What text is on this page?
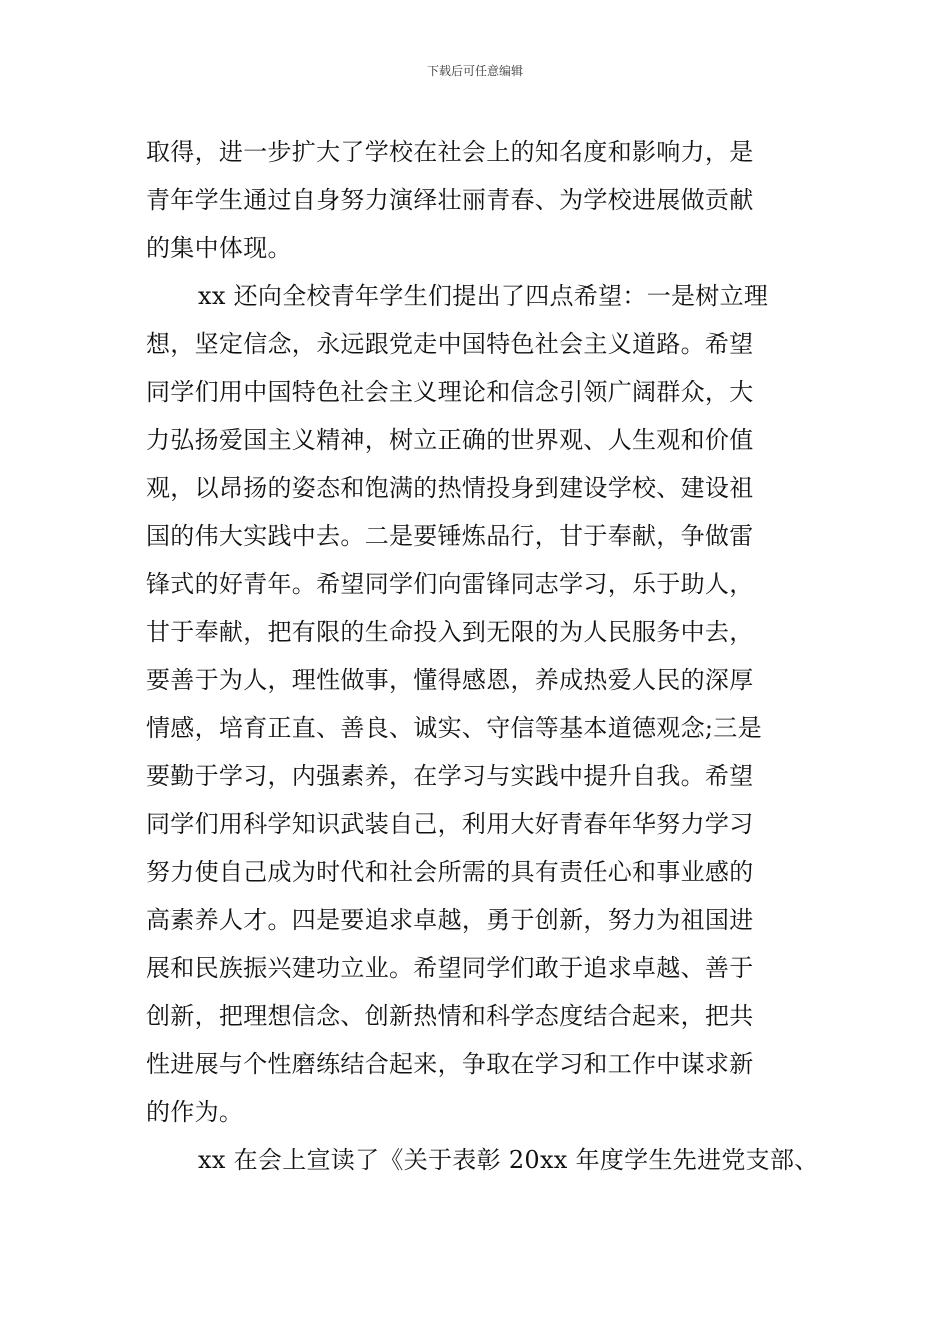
下载后可任意编辑
取得，进一步扩大了学校在社会上的知名度和影响力，是
青年学生通过自身努力演绎壮丽青春、为学校进展做贡献
的集中体现。
xx 还向全校青年学生们提出了四点希望：一是树立理
想，坚定信念，永远跟党走中国特色社会主义道路。希望
同学们用中国特色社会主义理论和信念引领广阔群众，大
力弘扬爱国主义精神，树立正确的世界观、人生观和价值
观，以昂扬的姿态和饱满的热情投身到建设学校、建设祖
国的伟大实践中去。二是要锤炼品行，甘于奉献，争做雷
锋式的好青年。希望同学们向雷锋同志学习，乐于助人，
甘于奉献，把有限的生命投入到无限的为人民服务中去，
要善于为人，理性做事，懂得感恩，养成热爱人民的深厚
情感，培育正直、善良、诚实、守信等基本道德观念;三是
要勤于学习，内强素养，在学习与实践中提升自我。希望
同学们用科学知识武装自己，利用大好青春年华努力学习
努力使自己成为时代和社会所需的具有责任心和事业感的
高素养人才。四是要追求卓越，勇于创新，努力为祖国进
展和民族振兴建功立业。希望同学们敢于追求卓越、善于
创新，把理想信念、创新热情和科学态度结合起来，把共
性进展与个性磨练结合起来，争取在学习和工作中谋求新
的作为。
xx 在会上宣读了《关于表彰 20xx 年度学生先进党支部、
